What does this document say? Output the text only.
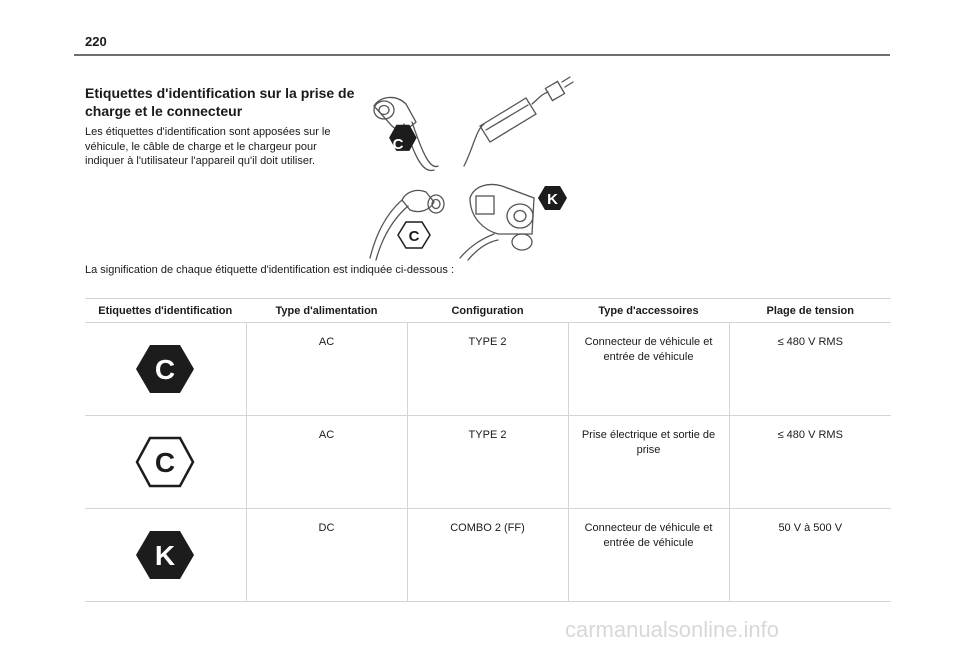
220
Etiquettes d'identification sur la prise de charge et le connecteur

Les étiquettes d'identification sont apposées sur le véhicule, le câble de charge et le chargeur pour indiquer à l'utilisateur l'appareil qu'il doit utiliser.

C
C
K

La signification de chaque étiquette d'identification est indiquée ci-dessous :

Etiquettes d'identification	Type d'alimentation	Configuration	Type d'accessoires	Plage de tension

C	AC	TYPE 2	Connecteur de véhicule et entrée de véhicule	≤ 480 V RMS

C	AC	TYPE 2	Prise électrique et sortie de prise	≤ 480 V RMS

K	DC	COMBO 2 (FF)	Connecteur de véhicule et entrée de véhicule	50 V à 500 V
carmanualsonline.info
